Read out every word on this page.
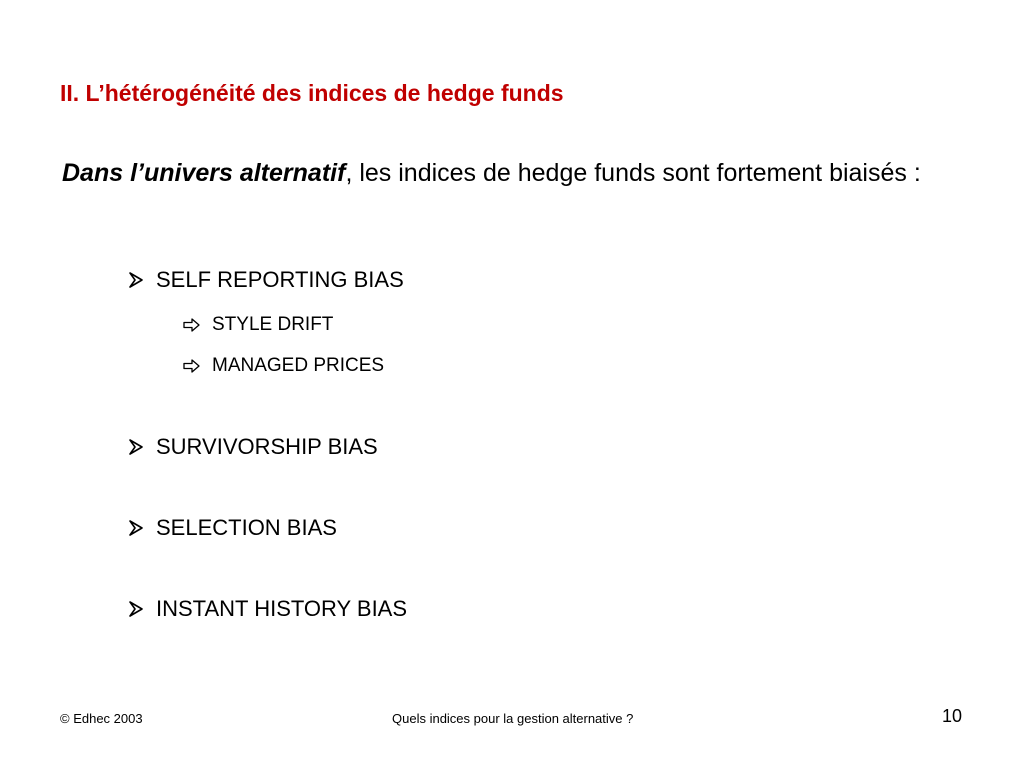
II. L’hétérogénéité des indices de hedge funds
Dans l’univers alternatif, les indices de hedge funds sont fortement biaisés :
SELF REPORTING BIAS
STYLE DRIFT
MANAGED PRICES
SURVIVORSHIP BIAS
SELECTION BIAS
INSTANT HISTORY BIAS
© Edhec 2003	Quels indices pour la gestion alternative ?	10
